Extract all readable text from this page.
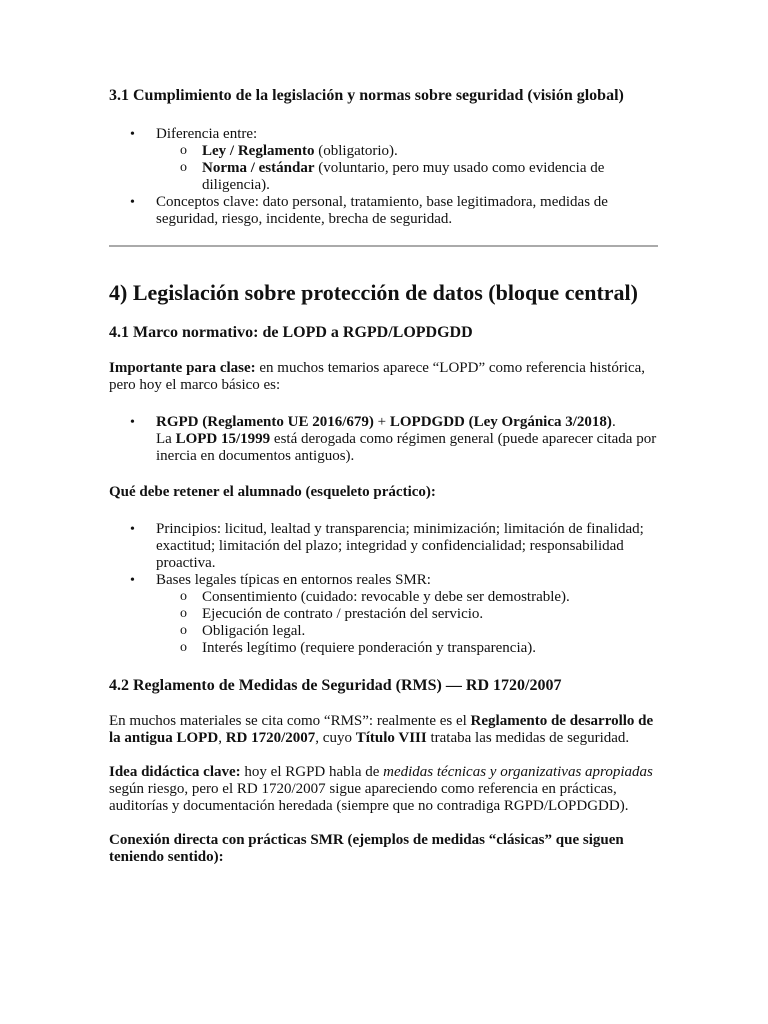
3.1 Cumplimiento de la legislación y normas sobre seguridad (visión global)
• Diferencia entre:
o Ley / Reglamento (obligatorio).
o Norma / estándar (voluntario, pero muy usado como evidencia de diligencia).
• Conceptos clave: dato personal, tratamiento, base legitimadora, medidas de seguridad, riesgo, incidente, brecha de seguridad.
4) Legislación sobre protección de datos (bloque central)
4.1 Marco normativo: de LOPD a RGPD/LOPDGDD

Importante para clase: en muchos temarios aparece “LOPD” como referencia histórica, pero hoy el marco básico es:

• RGPD (Reglamento UE 2016/679) + LOPDGDD (Ley Orgánica 3/2018).
La LOPD 15/1999 está derogada como régimen general (puede aparecer citada por inercia en documentos antiguos).

Qué debe retener el alumnado (esqueleto práctico):

• Principios: licitud, lealtad y transparencia; minimización; limitación de finalidad; exactitud; limitación del plazo; integridad y confidencialidad; responsabilidad proactiva.
• Bases legales típicas en entornos reales SMR:
o Consentimiento (cuidado: revocable y debe ser demostrable).
o Ejecución de contrato / prestación del servicio.
o Obligación legal.
o Interés legítimo (requiere ponderación y transparencia).
4.2 Reglamento de Medidas de Seguridad (RMS) — RD 1720/2007

En muchos materiales se cita como “RMS”: realmente es el Reglamento de desarrollo de la antigua LOPD, RD 1720/2007, cuyo Título VIII trataba las medidas de seguridad.

Idea didáctica clave: hoy el RGPD habla de medidas técnicas y organizativas apropiadas según riesgo, pero el RD 1720/2007 sigue apareciendo como referencia en prácticas, auditorías y documentación heredada (siempre que no contradiga RGPD/LOPDGDD).

Conexión directa con prácticas SMR (ejemplos de medidas “clásicas” que siguen teniendo sentido):
